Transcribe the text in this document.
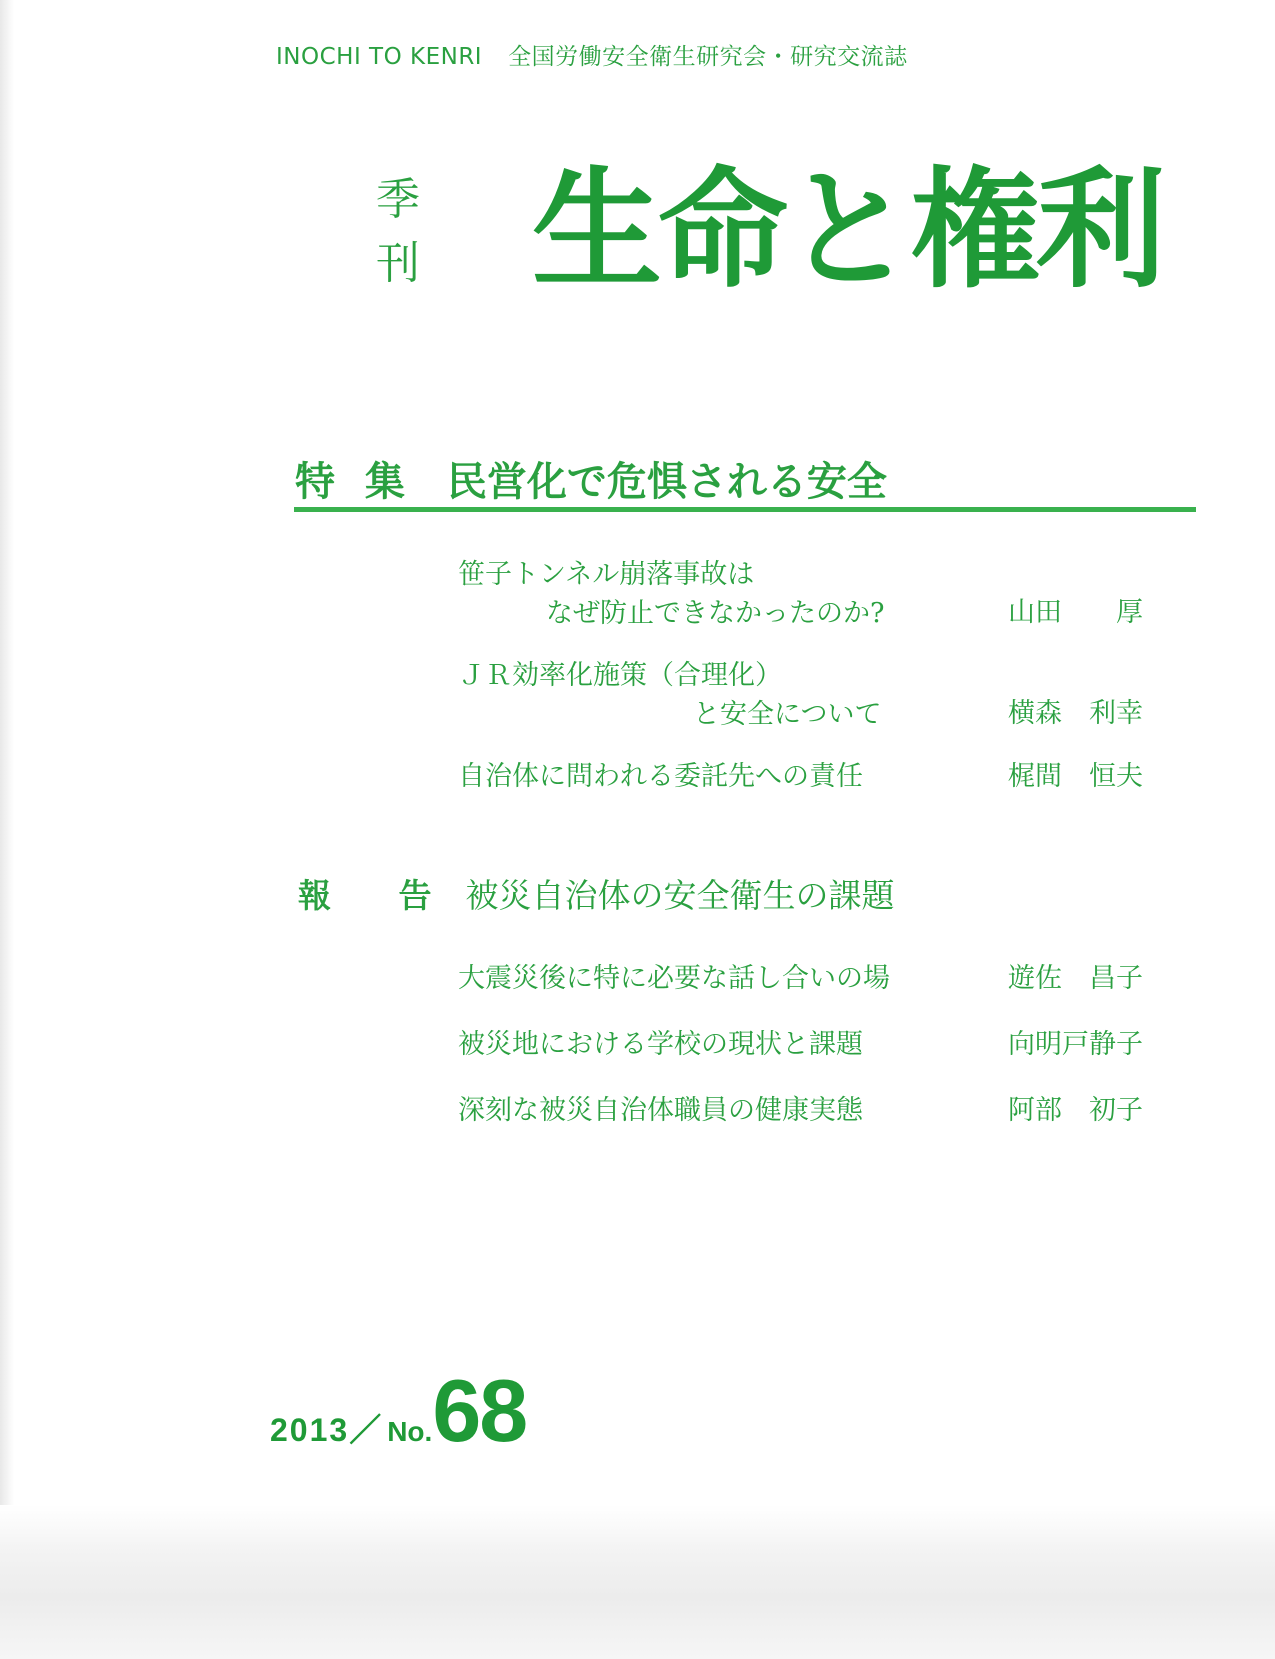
INOCHI TO KENRI 全国労働安全衛生研究会・研究交流誌
季
刊 生命と権利
特 集 民営化で危惧される安全
笹子トンネル崩落事故は
なぜ防止できなかったのか?	山田　　厚
ＪＲ効率化施策（合理化）
と安全について	横森　利幸
自治体に問われる委託先への責任	梶間　恒夫
報 告 被災自治体の安全衛生の課題
大震災後に特に必要な話し合いの場	遊佐　昌子
被災地における学校の現状と課題	向明戸静子
深刻な被災自治体職員の健康実態	阿部　初子
2013／ No.68
